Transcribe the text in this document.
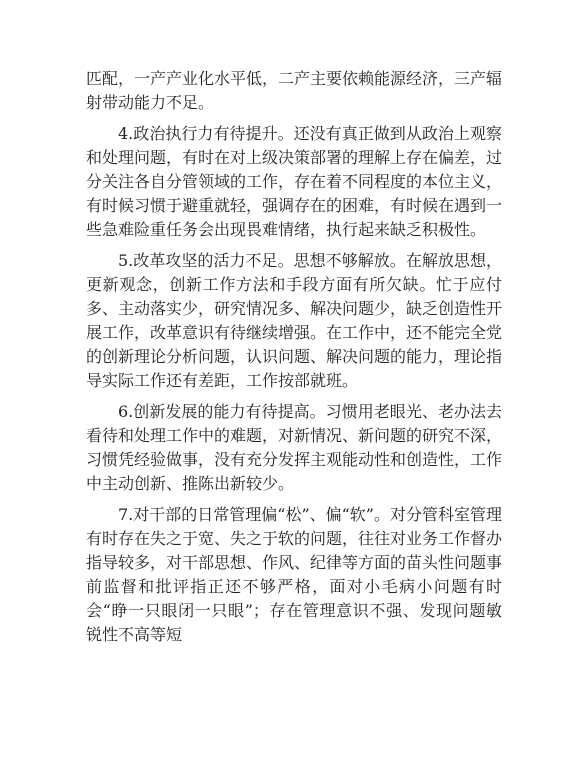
匹配，一产产业化水平低，二产主要依赖能源经济，三产辐射带动能力不足。

4.政治执行力有待提升。还没有真正做到从政治上观察和处理问题，有时在对上级决策部署的理解上存在偏差，过分关注各自分管领域的工作，存在着不同程度的本位主义，有时候习惯于避重就轻，强调存在的困难，有时候在遇到一些急难险重任务会出现畏难情绪，执行起来缺乏积极性。

5.改革攻坚的活力不足。思想不够解放。在解放思想，更新观念，创新工作方法和手段方面有所欠缺。忙于应付多、主动落实少，研究情况多、解决问题少，缺乏创造性开展工作，改革意识有待继续增强。在工作中，还不能完全党的创新理论分析问题，认识问题、解决问题的能力，理论指导实际工作还有差距，工作按部就班。

6.创新发展的能力有待提高。习惯用老眼光、老办法去看待和处理工作中的难题，对新情况、新问题的研究不深，习惯凭经验做事，没有充分发挥主观能动性和创造性，工作中主动创新、推陈出新较少。

7.对干部的日常管理偏“松”、偏“软”。对分管科室管理有时存在失之于宽、失之于软的问题，往往对业务工作督办指导较多，对干部思想、作风、纪律等方面的苗头性问题事前监督和批评指正还不够严格，面对小毛病小问题有时会“睁一只眼闭一只眼”；存在管理意识不强、发现问题敏锐性不高等短
